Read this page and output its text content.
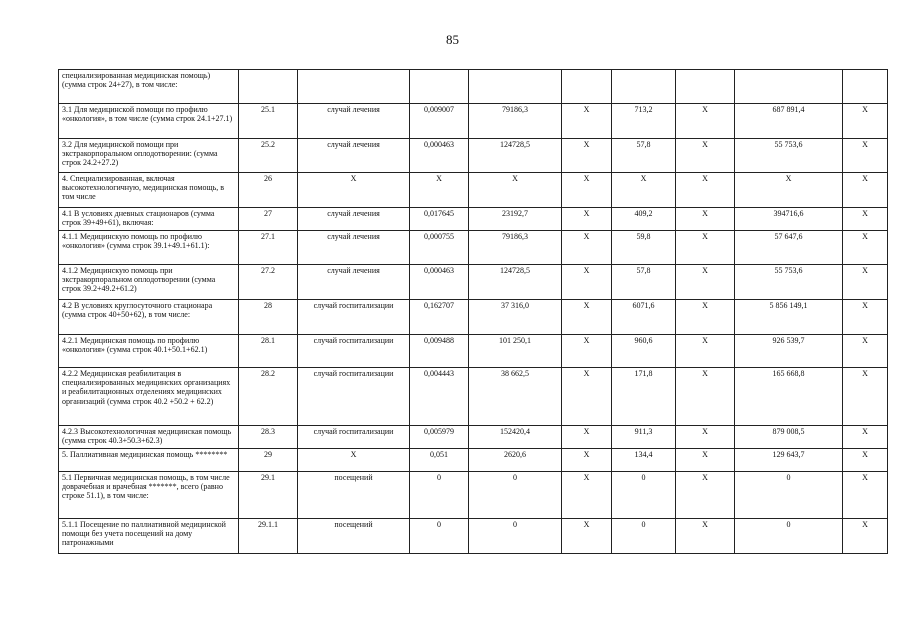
85
специализированная медицинская помощь) (сумма строк 24+27), в том числе:									
3.1 Для медицинской помощи по профилю «онкология», в том числе (сумма строк 24.1+27.1)	25.1	случай лечения	0,009007	79186,3	Х	713,2	Х	687 891,4	Х
3.2 Для медицинской помощи при экстракорпоральном оплодотворении: (сумма строк 24.2+27.2)	25.2	случай лечения	0,000463	124728,5	Х	57,8	Х	55 753,6	Х
4. Специализированная, включая высокотехнологичную, медицинская помощь, в том числе	26	Х	Х	Х	Х	Х	Х	Х	Х
4.1 В условиях дневных стационаров (сумма строк 39+49+61), включая:	27	случай лечения	0,017645	23192,7	Х	409,2	Х	394716,6	Х
4.1.1 Медицинскую помощь по профилю «онкология» (сумма строк 39.1+49.1+61.1):	27.1	случай лечения	0,000755	79186,3	Х	59,8	Х	57 647,6	Х
4.1.2 Медицинскую помощь при экстракорпоральном оплодотворении (сумма строк 39.2+49.2+61.2)	27.2	случай лечения	0,000463	124728,5	Х	57,8	Х	55 753,6	Х
4.2 В условиях круглосуточного стационара (сумма строк 40+50+62), в том числе:	28	случай госпитализации	0,162707	37 316,0	Х	6071,6	Х	5 856 149,1	Х
4.2.1 Медицинская помощь по профилю «онкология» (сумма строк 40.1+50.1+62.1)	28.1	случай госпитализации	0,009488	101 250,1	Х	960,6	Х	926 539,7	Х
4.2.2 Медицинская реабилитация в специализированных медицинских организациях и реабилитационных отделениях медицинских организаций (сумма строк 40.2 +50.2 + 62.2)	28.2	случай госпитализации	0,004443	38 662,5	Х	171,8	Х	165 668,8	Х
4.2.3 Высокотехнологичная медицинская помощь (сумма строк 40.3+50.3+62.3)	28.3	случай госпитализации	0,005979	152420,4	Х	911,3	Х	879 008,5	Х
5. Паллиативная медицинская помощь ********	29	Х	0,051	2620,6	Х	134,4	Х	129 643,7	Х
5.1 Первичная медицинская помощь, в том числе доврачебная и врачебная *******, всего (равно строке 51.1), в том числе:	29.1	посещений	0	0	Х	0	Х	0	Х
5.1.1 Посещение по паллиативной медицинской помощи без учета посещений на дому патронажными	29.1.1	посещений	0	0	Х	0	Х	0	Х
